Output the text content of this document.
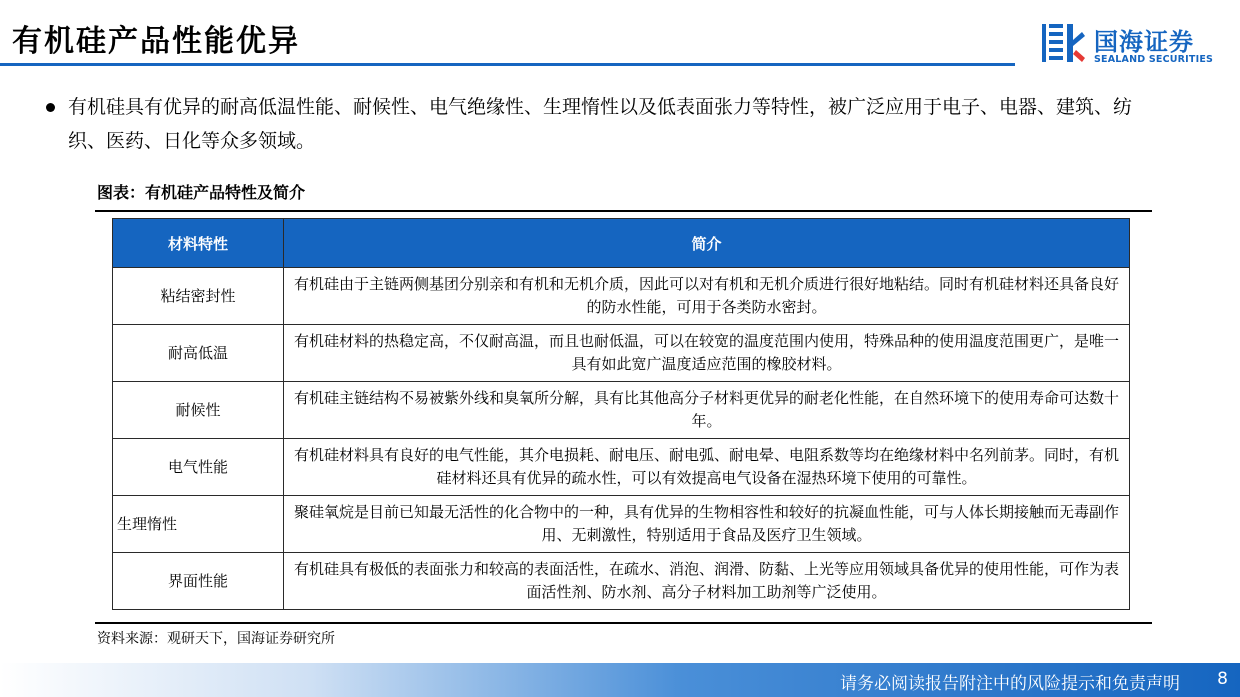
有机硅产品性能优异	国海证券
SEALAND SECURITIES
有机硅具有优异的耐高低温性能、耐候性、电气绝缘性、生理惰性以及低表面张力等特性，被广泛应用于电子、电器、建筑、纺织、医药、日化等众多领域。
图表：有机硅产品特性及简介
材料特性	简介
粘结密封性	有机硅由于主链两侧基团分别亲和有机和无机介质，因此可以对有机和无机介质进行很好地粘结。同时有机硅材料还具备良好的防水性能，可用于各类防水密封。
耐高低温	有机硅材料的热稳定高，不仅耐高温，而且也耐低温，可以在较宽的温度范围内使用，特殊品种的使用温度范围更广，是唯一具有如此宽广温度适应范围的橡胶材料。
耐候性	有机硅主链结构不易被紫外线和臭氧所分解，具有比其他高分子材料更优异的耐老化性能，在自然环境下的使用寿命可达数十年。
电气性能	有机硅材料具有良好的电气性能，其介电损耗、耐电压、耐电弧、耐电晕、电阻系数等均在绝缘材料中名列前茅。同时，有机硅材料还具有优异的疏水性，可以有效提高电气设备在湿热环境下使用的可靠性。
生理惰性	聚硅氧烷是目前已知最无活性的化合物中的一种，具有优异的生物相容性和较好的抗凝血性能，可与人体长期接触而无毒副作用、无刺激性，特别适用于食品及医疗卫生领域。
界面性能	有机硅具有极低的表面张力和较高的表面活性，在疏水、消泡、润滑、防黏、上光等应用领域具备优异的使用性能，可作为表面活性剂、防水剂、高分子材料加工助剂等广泛使用。
资料来源：观研天下，国海证券研究所
请务必阅读报告附注中的风险提示和免责声明 8
